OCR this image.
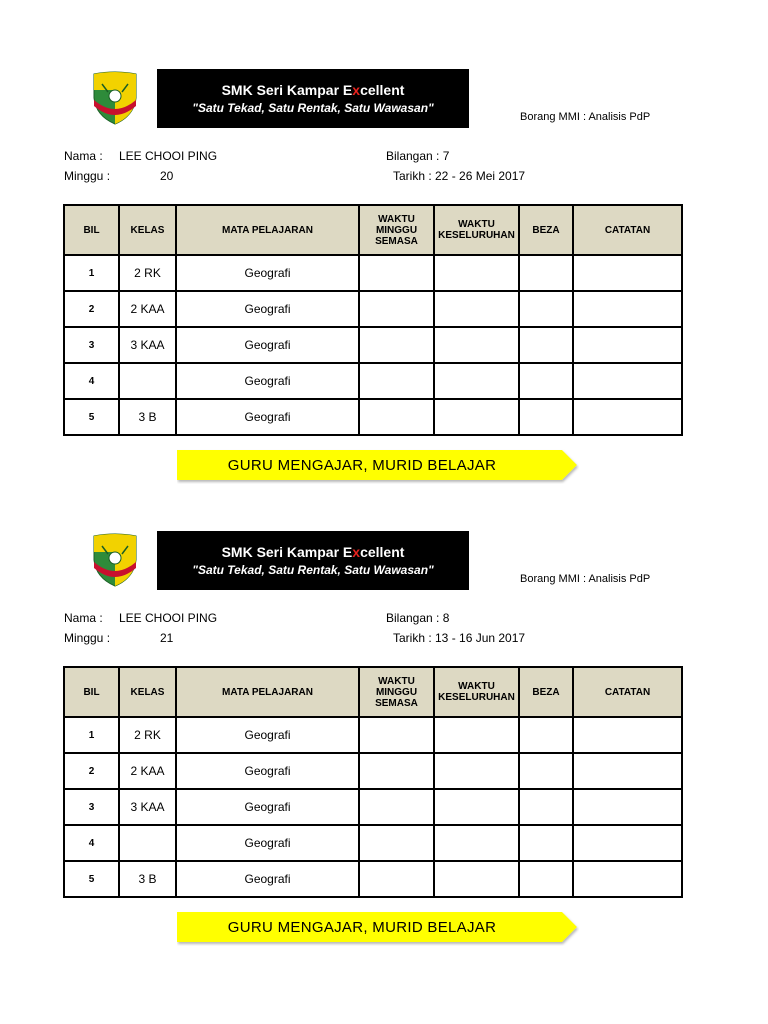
SMK Seri Kampar Excellent
"Satu Tekad, Satu Rentak, Satu Wawasan"
Borang MMI : Analisis PdP
Nama : LEE CHOOI PING
Minggu :	20
Bilangan : 7
Tarikh : 22 - 26 Mei 2017
BIL	KELAS	MATA PELAJARAN	WAKTU MINGGU SEMASA	WAKTU KESELURUHAN	BEZA	CATATAN
1	2 RK	Geografi				
2	2 KAA	Geografi				
3	3 KAA	Geografi				
4		Geografi				
5	3 B	Geografi				
GURU MENGAJAR, MURID BELAJAR
SMK Seri Kampar Excellent
"Satu Tekad, Satu Rentak, Satu Wawasan"
Borang MMI : Analisis PdP
Nama : LEE CHOOI PING
Minggu :	21
Bilangan : 8
Tarikh : 13 - 16 Jun 2017
BIL	KELAS	MATA PELAJARAN	WAKTU MINGGU SEMASA	WAKTU KESELURUHAN	BEZA	CATATAN
1	2 RK	Geografi				
2	2 KAA	Geografi				
3	3 KAA	Geografi				
4		Geografi				
5	3 B	Geografi				
GURU MENGAJAR, MURID BELAJAR
